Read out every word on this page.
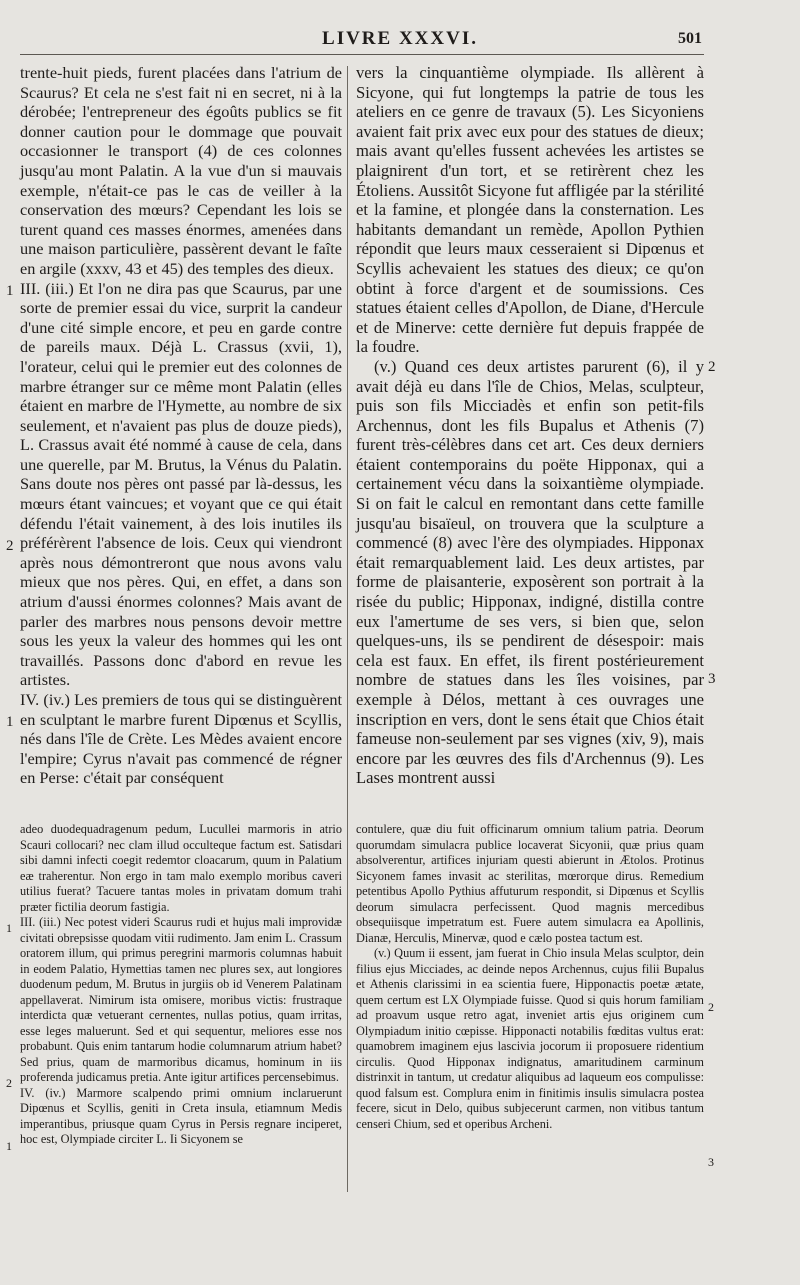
LIVRE XXXVI.	501

trente-huit pieds, furent placées dans l'atrium de Scaurus? Et cela ne s'est fait ni en secret, ni à la dérobée; l'entrepreneur des égoûts publics se fit donner caution pour le dommage que pouvait occasionner le transport (4) de ces colonnes jusqu'au mont Palatin. A la vue d'un si mauvais exemple, n'était-ce pas le cas de veiller à la conservation des mœurs? Cependant les lois se turent quand ces masses énormes, amenées dans une maison particulière, passèrent devant le faîte en argile (xxxv, 43 et 45) des temples des dieux.

III. (iii.) Et l'on ne dira pas que Scaurus, par une sorte de premier essai du vice, surprit la candeur d'une cité simple encore, et peu en garde contre de pareils maux. Déjà L. Crassus (xvii, 1), l'orateur, celui qui le premier eut des colonnes de marbre étranger sur ce même mont Palatin (elles étaient en marbre de l'Hymette, au nombre de six seulement, et n'avaient pas plus de douze pieds), L. Crassus avait été nommé à cause de cela, dans une querelle, par M. Brutus, la Vénus du Palatin. Sans doute nos pères ont passé par là-dessus, les mœurs étant vaincues; et voyant que ce qui était défendu l'était vainement, à des lois inutiles ils préférèrent l'absence de lois. Ceux qui viendront après nous démontreront que nous avons valu mieux que nos pères. Qui, en effet, a dans son atrium d'aussi énormes colonnes? Mais avant de parler des marbres nous pensons devoir mettre sous les yeux la valeur des hommes qui les ont travaillés. Passons donc d'abord en revue les artistes.

IV. (iv.) Les premiers de tous qui se distinguèrent en sculptant le marbre furent Dipœnus et Scyllis, nés dans l'île de Crète. Les Mèdes avaient encore l'empire; Cyrus n'avait pas commencé de régner en Perse: c'était par conséquent

vers la cinquantième olympiade. Ils allèrent à Sicyone, qui fut longtemps la patrie de tous les ateliers en ce genre de travaux (5). Les Sicyoniens avaient fait prix avec eux pour des statues de dieux; mais avant qu'elles fussent achevées les artistes se plaignirent d'un tort, et se retirèrent chez les Étoliens. Aussitôt Sicyone fut affligée par la stérilité et la famine, et plongée dans la consternation. Les habitants demandant un remède, Apollon Pythien répondit que leurs maux cesseraient si Dipœnus et Scyllis achevaient les statues des dieux; ce qu'on obtint à force d'argent et de soumissions. Ces statues étaient celles d'Apollon, de Diane, d'Hercule et de Minerve: cette dernière fut depuis frappée de la foudre.

(v.) Quand ces deux artistes parurent (6), il y avait déjà eu dans l'île de Chios, Melas, sculpteur, puis son fils Micciadès et enfin son petit-fils Archennus, dont les fils Bupalus et Athenis (7) furent très-célèbres dans cet art. Ces deux derniers étaient contemporains du poëte Hipponax, qui a certainement vécu dans la soixantième olympiade. Si on fait le calcul en remontant dans cette famille jusqu'au bisaïeul, on trouvera que la sculpture a commencé (8) avec l'ère des olympiades. Hipponax était remarquablement laid. Les deux artistes, par forme de plaisanterie, exposèrent son portrait à la risée du public; Hipponax, indigné, distilla contre eux l'amertume de ses vers, si bien que, selon quelques-uns, ils se pendirent de désespoir: mais cela est faux. En effet, ils firent postérieurement nombre de statues dans les îles voisines, par exemple à Délos, mettant à ces ouvrages une inscription en vers, dont le sens était que Chios était fameuse non-seulement par ses vignes (xiv, 9), mais encore par les œuvres des fils d'Archennus (9). Les Lases montrent aussi

adeo duodequadragenum pedum, Lucullei marmoris in atrio Scauri collocari? nec clam illud occulteque factum est. Satisdari sibi damni infecti coegit redemtor cloacarum, quum in Palatium eæ traherentur. Non ergo in tam malo exemplo moribus caveri utilius fuerat? Tacuere tantas moles in privatam domum trahi præter fictilia deorum fastigia.

III. (iii.) Nec potest videri Scaurus rudi et hujus mali improvidæ civitati obrepsisse quodam vitii rudimento. Jam enim L. Crassum oratorem illum, qui primus peregrini marmoris columnas habuit in eodem Palatio, Hymettias tamen nec plures sex, aut longiores duodenum pedum, M. Brutus in jurgiis ob id Venerem Palatinam appellaverat. Nimirum ista omisere, moribus victis: frustraque interdicta quæ vetuerant cernentes, nullas potius, quam irritas, esse leges maluerunt. Sed et qui sequentur, meliores esse nos probabunt. Quis enim tantarum hodie columnarum atrium habet? Sed prius, quam de marmoribus dicamus, hominum in iis proferenda judicamus pretia. Ante igitur artifices percensebimus.

IV. (iv.) Marmore scalpendo primi omnium inclaruerunt Dipœnus et Scyllis, geniti in Creta insula, etiamnum Medis imperantibus, priusque quam Cyrus in Persis regnare inciperet, hoc est, Olympiade circiter L. Ii Sicyonem se

contulere, quæ diu fuit officinarum omnium talium patria. Deorum quorumdam simulacra publice locaverat Sicyonii, quæ prius quam absolverentur, artifices injuriam questi abierunt in Ætolos. Protinus Sicyonem fames invasit ac sterilitas, mœrorque dirus. Remedium petentibus Apollo Pythius affuturum respondit, si Dipœnus et Scyllis deorum simulacra perfecissent. Quod magnis mercedibus obsequiisque impetratum est. Fuere autem simulacra ea Apollinis, Dianæ, Herculis, Minervæ, quod e cælo postea tactum est.

(v.) Quum ii essent, jam fuerat in Chio insula Melas sculptor, dein filius ejus Micciades, ac deinde nepos Archennus, cujus filii Bupalus et Athenis clarissimi in ea scientia fuere, Hipponactis poetæ ætate, quem certum est LX Olympiade fuisse. Quod si quis horum familiam ad proavum usque retro agat, inveniet artis ejus originem cum Olympiadum initio cœpisse. Hipponacti notabilis fœditas vultus erat: quamobrem imaginem ejus lascivia jocorum ii proposuere ridentium circulis. Quod Hipponax indignatus, amaritudinem carminum distrinxit in tantum, ut credatur aliquibus ad laqueum eos compulisse: quod falsum est. Complura enim in finitimis insulis simulacra postea fecere, sicut in Delo, quibus subjecerunt carmen, non vitibus tantum censeri Chium, sed et operibus Archeni.

1
2
1
2
3
1
2
1
2
3
